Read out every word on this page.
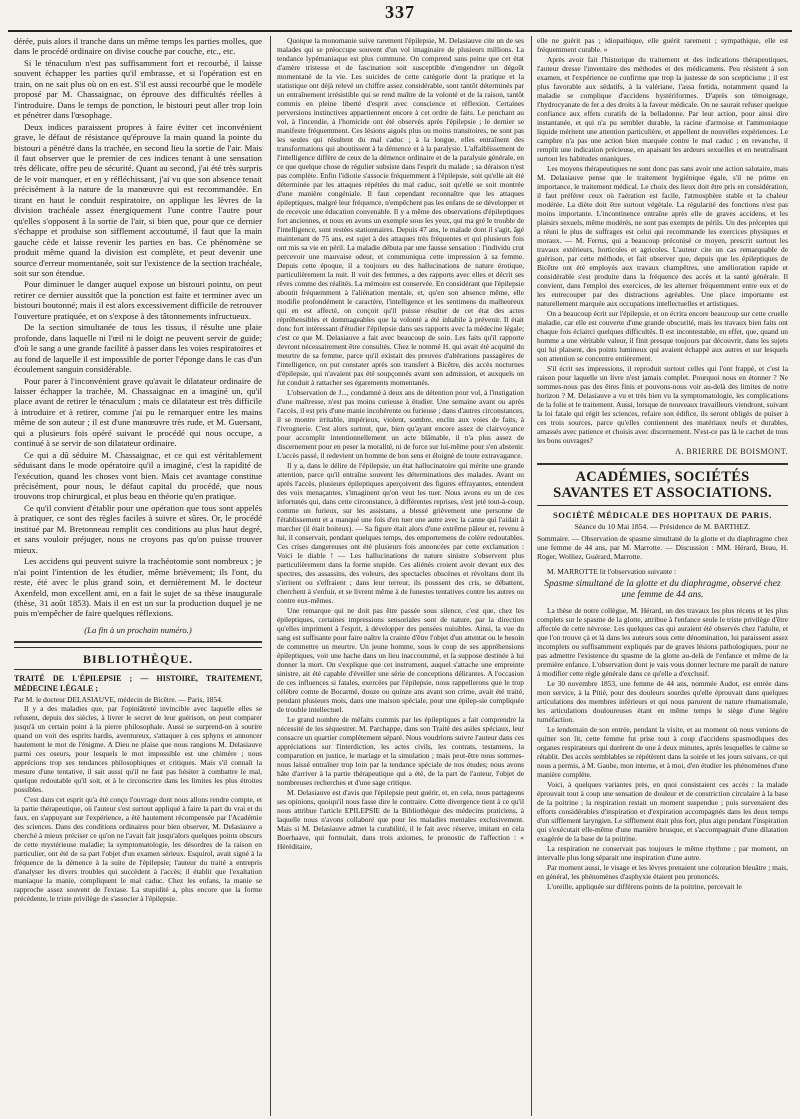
337

dérée, puis alors il tranche dans un même temps les parties molles, que dans le procédé ordinaire on divise couche par couche, etc., etc.

Si le ténaculum n'est pas suffisamment fort et recourbé, il laisse souvent échapper les parties qu'il embrasse, et si l'opération est en train, on ne sait plus où on en est. S'il est aussi recourbé que le modèle proposé par M. Chassaignac, on éprouve des difficultés réelles à l'introduire. Dans le temps de ponction, le bistouri peut aller trop loin et pénétrer dans l'œsophage.

Deux indices paraissent propres à faire éviter cet inconvénient grave, le défaut de résistance qu'éprouve la main quand la pointe du bistouri a pénétré dans la trachée, en second lieu la sortie de l'air. Mais il faut observer que le premier de ces indices tenant à une sensation très délicate, offre peu de sécurité. Quant au second, j'ai été très surpris de le voir manquer, et en y réfléchissant, j'ai vu que son absence tenait précisément à la nature de la manœuvre qui est recommandée. En tirant en haut le conduit respiratoire, on applique les lèvres de la division trachéale assez énergiquement l'une contre l'autre pour qu'elles s'opposent à la sortie de l'air, si bien que, pour que ce dernier s'échappe et produise son sifflement accoutumé, il faut que la main gauche cède et laisse revenir les parties en bas. Ce phénomène se produit même quand la division est complète, et peut devenir une source d'erreur momentanée, soit sur l'existence de la section trachéale, soit sur son étendue.

Pour diminuer le danger auquel expose un bistouri pointu, on peut retirer ce dernier aussitôt que la ponction est faite et terminer avec un bistouri boutonné; mais il est alors excessivement difficile de retrouver l'ouverture pratiquée, et on s'expose à des tâtonnements infructueux.

De la section simultanée de tous les tissus, il résulte une plaie profonde, dans laquelle ni l'œil ni le doigt ne peuvent servir de guide; d'où le sang a une grande facilité à passer dans les voies respiratoires et au fond de laquelle il est impossible de porter l'éponge dans le cas d'un écoulement sanguin considérable.

Pour parer à l'inconvénient grave qu'avait le dilatateur ordinaire de laisser échapper la trachée, M. Chassaignac en a imaginé un, qu'il place avant de retirer le ténaculum ; mais ce dilatateur est très difficile à introduire et à retirer, comme j'ai pu le remarquer entre les mains même de son auteur ; il est d'une manœuvre très rude, et M. Guersant, qui a plusieurs fois opéré suivant le procédé qui nous occupe, a continué à se servir de son dilatateur ordinaire.

Ce qui a dû séduire M. Chassaignac, et ce qui est véritablement séduisant dans le mode opératoire qu'il a imaginé, c'est la rapidité de l'exécution, quand les choses vont bien. Mais cet avantage constitue précisément, pour nous, le défaut capital du procédé, que nous trouvons trop chirurgical, et plus beau en théorie qu'en pratique.

Ce qu'il convient d'établir pour une opération que tous sont appelés à pratiquer, ce sont des règles faciles à suivre et sûres. Or, le procédé institué par M. Bretonneau remplit ces conditions au plus haut degré, et sans vouloir préjuger, nous ne croyons pas qu'on puisse trouver mieux.

Les accidens qui peuvent suivre la trachéotomie sont nombreux ; je n'ai point l'intention de les étudier, même brièvement; ils l'ont, du reste, été avec le plus grand soin, et dernièrement M. le docteur Axenfeld, mon excellent ami, en a fait le sujet de sa thèse inaugurale (thèse, 31 août 1853). Mais il en est un sur la production duquel je ne puis m'empêcher de faire quelques réflexions.

(La fin à un prochain numéro.)

BIBLIOTHÈQUE.

TRAITÉ DE L'ÉPILEPSIE ; — HISTOIRE, TRAITEMENT, MÉDECINE LÉGALE ;

Par M. le docteur DELASIAUVE, médecin de Bicêtre. — Paris, 1854.

Il y a des maladies que, par l'opiniâtreté invincible avec laquelle elles se refusent, depuis des siècles, à livrer le secret de leur guérison, on peut comparer jusqu'à un certain point à la pierre philosophale. Aussi se surprend-on à sourire quand on voit des esprits hardis, aventureux, s'attaquer à ces sphynx et annoncer hautement le mot de l'énigme. A Dieu ne plaise que nous rangions M. Delasiauve parmi ces oseurs, pour lesquels le mot impossible est une chimère ; nous apprécions trop ses tendances philosophiques et critiques. Mais s'il connaît la mesure d'une tentative, il sait aussi qu'il ne faut pas hésiter à combattre le mal, quelque redoutable qu'il soit, et à le circonscrire dans les limites les plus étroites possibles.

C'est dans cet esprit qu'a été conçu l'ouvrage dont nous allons rendre compte, et la partie thérapeutique, où l'auteur s'est surtout appliqué à faire la part du vrai et du faux, en s'appuyant sur l'expérience, a été hautement récompensée par l'Académie des sciences. Dans des conditions ordinaires pour bien observer, M. Delasiauve a cherché à mieux préciser ce qu'on ne l'avait fait jusqu'alors quelques points obscurs de cette mystérieuse maladie; la symptomatologie, les désordres de la raison en particulier, ont été de sa part l'objet d'un examen sérieux. Esquirol, avait signé à la fréquence de la démence à la suite de l'épilepsie; l'auteur du traité a entrepris d'analyser les divers troubles qui succèdent à l'accès; il établit que l'exaltation maniaque la manie, compliquent le mal caduc. Chez les enfans, la manie se rapproche assez souvent de l'extase. La stupidité a, plus encore que la forme précédente, le triste privilège de s'associer à l'épilepsie.

Quoique la monomanie suive rarement l'épilepsie, M. Delasiauve cite un de ses malades qui se préoccupe souvent d'un vol imaginaire de plusieurs millions. La tendance lypémaniaque est plus commune. On comprend sans peine que cet état d'amère tristesse et de fascination soit susceptible d'engendrer un dégoût momentané de la vie. Les suicides de cette catégorie dont la pratique et la statistique ont déjà relevé un chiffre assez considérable, sont tantôt déterminés par un entraînement irrésistible qui se rend maître de la volonté et de la raison, tantôt commis en pleine liberté d'esprit avec conscience et réflexion. Certaines perversions instinctives appartiennent encore à cet ordre de faits. Le penchant au vol, à l'incendie, à l'homicide ont été observés après l'épilepsie ; le dernier se manifeste fréquemment. Ces lésions aiguës plus ou moins transitoires, ne sont pas les seules qui résultent du mal caduc ; à la longue, elles entraînent des transformations qui aboutissent à la démence et à la paralysie. L'affaiblissement de l'intelligence diffère de ceux de la démence ordinaire et de la paralysie générale, en ce que quelque chose de régulier subsiste dans l'esprit du malade ; sa déraison n'est pas complète. Enfin l'idiotie s'associe fréquemment à l'épilepsie, soit qu'elle ait été déterminée par les attaques répétées du mal caduc, soit qu'elle se soit montrée d'une manière congéniale. Il faut cependant reconnaître que les attaques épileptiques, malgré leur fréquence, n'empêchent pas les enfans de se développer et de recevoir une éducation convenable. Il y a même des observations d'épileptiques fort anciennes, et nous en avons un exemple sous les yeux, qui ma gré le trouble de l'intelligence, sont restées stationnaires. Depuis 47 ans, le malade dont il s'agit, âgé maintenant de 75 ans, est sujet à des attaques très fréquentes et qui plusieurs fois ont mis sa vie en péril. La maladie débuta par une fausse sensation : l'individu crut percevoir une mauvaise odeur, et communiqua cette impression à sa femme. Depuis cette époque, il a toujours eu des hallucinations de nature érotique, particulièrement la nuit. Il voit des femmes, a des rapports avec elles et décrit ses rêves comme des réalités. La mémoire est conservée. En considérant que l'épilepsie aboutit fréquemment à l'aliénation mentale, et, qu'en son absence même, elle modifie profondément le caractère, l'intelligence et les sentimens du malheureux qui en est affecté, on conçoit qu'il puisse résulter de cet état des actes répréhensibles et dommageables que la volonté a été inhabile à prévenir. Il était donc fort intéressant d'étudier l'épilepsie dans ses rapports avec la médecine légale; c'est ce que M. Delasiauve a fait avec beaucoup de soin. Les faits qu'il rapporte devront nécessairement être consultés. Chez le nommé H. qui avait été acquitté du meurtre de sa femme, parce qu'il existait des preuves d'altérations passagères de l'intelligence, on put constater après son transfert à Bicêtre, des accès nocturnes d'épilepsie, qui n'avaient pas été soupçonnés avant son admission, et auxquels on fut conduit à rattacher ses égarements momentanés.

L'observation de J..., condamné à deux ans de détention pour vol, à l'instigation d'une maîtresse, n'est pas moins curieuse à étudier. Une semaine avant ou après l'accès, il est pris d'une manie incohérente ou furieuse ; dans d'autres circonstances, il se montre irritable, impérieux, violent, sombre, enclin aux voies de faits, à l'ivrognerie. C'est alors surtout, que, bien qu'ayant encore assez de clairvoyance pour accomplir intentionnellement un acte blâmable, il n'a plus assez de discernement pour en peser la moralité, ni de force sur lui-même pour s'en abstenir. L'accès passé, il redevient un homme de bon sens et éloigné de toute extravagance.

Il y a, dans le délire de l'épilepsie, un état hallucinatoire qui mérite une grande attention, parce qu'il entraîne souvent les déterminations des malades. Avant ou après l'accès, plusieurs épileptiques aperçoivent des figures effrayantes, entendent des voix menaçantes, s'imaginent qu'on veut les tuer. Nous avons eu un de ces infortunés qui, dans cette circonstance, à différentes reprises, s'est jeté tout-à-coup, comme un furieux, sur les assistans, a blessé grièvement une personne de l'établissement et a manqué une fois d'en tuer une autre avec la canne qui l'aidait à marcher (il était boiteux). — Sa figure était alors d'une extrême pâleur et, revenu à lui, il conservait, pendant quelques temps, des emportemens de colère redoutables. Ces crises dangereuses ont été plusieurs fois annoncées par cette exclamation : Voici le diable ! — Les hallucinations de nature sinistre s'observent plus particulièrement dans la forme stupide. Ces aliénés croient avoir devant eux des spectres, des assassins, des voleurs, des spectacles obscènes et révoltans dont ils s'irritent ou s'effraient ; dans leur terreur, ils poussent des cris, se débattent, cherchent à s'enfuir, et se livrent même à de funestes tentatives contre les autres ou contre eux-mêmes.

Une remarque qui ne doit pas être passée sous silence, c'est que, chez les épileptiques, certaines impressions sensoriales sont de nature, par la direction qu'elles impriment à l'esprit, à développer des pensées nuisibles. Ainsi, la vue du sang est suffisante pour faire naître la crainte d'être l'objet d'un attentat ou le besoin de commettre un meurtre. Un jeune homme, sous le coup de ses appréhensions épileptiques, voit une hache dans un lieu inaccoutumé, et la suppose destinée à lui donner la mort. On s'explique que cet instrument, auquel s'attache une empreinte sinistre, ait été capable d'éveiller une série de conceptions délirantes. A l'occasion de ces influences si fatales, exercées par l'épilepsie, nous rappellerons que le trop célèbre comte de Bocarmé, douze ou quinze ans avant son crime, avait été traité, pendant plusieurs mois, dans une maison spéciale, pour une épilep-sie compliquée de trouble intellectuel.

Le grand nombre de méfaits commis par les épileptiques a fait comprendre la nécessité de les séquestrer. M. Parchappe, dans son Traité des asiles spéciaux, leur consacre un quartier complètement séparé. Nous voudrions suivre l'auteur dans ces appréciations sur l'interdiction, les actes civils, les contrats, testamens, la comparution en justice, le mariage et la simulation ; mais peut-être nous sommes-nous laissé entraîner trop loin par la tendance spéciale de nos études; nous avons hâte d'arriver à la partie thérapeutique qui a été, de la part de l'auteur, l'objet de nombreuses recherches et d'une sage critique.

M. Delasiauve est d'avis que l'épilepsie peut guérir, et, en cela, nous partageons ses opinions, quoiqu'il nous fasse dire le contraire. Cette divergence tient à ce qu'il nous attribue l'article EPILEPSIE de la Bibliothèque des médecins praticiens, à laquelle nous n'avons collaboré que pour les maladies mentales exclusivement. Mais si M. Delasiauve admet la curabilité, il le fait avec réserve, imitant en cela Boerhaave, qui formulait, dans trois axiomes, le pronostic de l'affection : « Héréditaire,

elle ne guérit pas ; idiopathique, elle guérit rarement ; sympathique, elle est fréquemment curable. »

Après avoir fait l'historique du traitement et des indications thérapeutiques, l'auteur dresse l'inventaire des méthodes et des médicamens. Peu résistent à son examen, et l'expérience ne confirme que trop la justesse de son scepticisme ; il est plus favorable aux sédatifs, à la valériane, l'assa fœtida, notamment quand la maladie se complique d'accidens hystériformes. D'après son témoignage, l'hydrocyanate de fer a des droits à la faveur médicale. On ne saurait refuser quelque confiance aux effets curatifs de la belladonne. Par leur action, pour ainsi dire instantanée, et qui n'a pu sembler durable, la racine d'armoise et l'ammoniaque liquide méritent une attention particulière, et appellent de nouvelles expériences. Le camphre n'a pas une action bien marquée contre le mal caduc ; en revanche, il remplit une indication précieuse, en apaisant les ardeurs sexuelles et en neutralisant surtout les habitudes onaniques.

Les moyens thérapeutiques ne sont donc pas sans avoir une action salutaire, mais M. Delasiauve pense que le traitement hygiénique égale, s'il ne prime en importance, le traitement médical. Le choix des lieux doit être pris en considération, il faut préférer ceux où l'aération est facile, l'atmosphère stable et la chaleur modérée. La diète doit être surtout végétale. La régularité des fonctions n'est pas moins importante. L'incontinence entraîne après elle de graves accidens, et les plaisirs sexuels, même modérés, ne sont pas exempts de périls. Un des préceptes qui a réuni le plus de suffrages est celui qui recommande les exercices physiques et moraux. — M. Ferrus, qui a beaucoup préconisé ce moyen, prescrit surtout les travaux extérieurs, horticoles et agricoles. L'auteur cite un cas remarquable de guérison, par cette méthode, et fait observer que, depuis que les épileptiques de Bicêtre ont été employés aux travaux champêtres, une amélioration rapide et considérable s'est produite dans la fréquence des accès et la santé générale. Il convient, dans l'emploi des exercices, de les alterner fréquemment entre eux et de les entrecouper par des distractions agréables. Une place importante est naturellement marquée aux occupations intellectuelles et artistiques.

On a beaucoup écrit sur l'épilepsie, et on écrira encore beaucoup sur cette cruelle maladie, car elle est couverte d'une grande obscurité, mais les travaux bien faits ont chaque fois éclairci quelques difficultés. Il est incontestable, en effet, que, quand un homme a une véritable valeur, il finit presque toujours par découvrir, dans les sujets qui lui plaisent, des points lumineux qui avaient échappé aux autres et sur lesquels son attention se concentre entièrement.

S'il écrit ses impressions, il reproduit surtout celles qui l'ont frappé, et c'est la raison pour laquelle un livre n'est jamais complet. Pourquoi nous en étonner ? Ne sommes-nous pas des êtres finis et pouvons-nous voir au-delà des limites de notre horizon ? M. Delasiauve a vu et très bien vu la symptomatologie, les complications de la folie et le traitement. Aussi, lorsque de nouveaux travailleurs viendront, suivant la loi fatale qui régit les sciences, refaire son édifice, ils seront obligés de puiser à ces trois sources, parce qu'elles contiennent des matériaux neufs et durables, amassés avec patience et choisis avec discernement. N'est-ce pas là le cachet de tous les bons ouvrages?

A. BRIERRE DE BOISMONT.

ACADÉMIES, SOCIÉTÉS SAVANTES ET ASSOCIATIONS.
SOCIÉTÉ MÉDICALE DES HOPITAUX DE PARIS.

Séance du 10 Mai 1854. — Présidence de M. BARTHEZ.

Sommaire. — Observation de spasme simultané de la glotte et du diaphragme chez une femme de 44 ans, par M. Marrotte. — Discussion : MM. Hérard, Beau, H. Roger, Wolliez, Guérard, Marrotte.

M. MARROTTE lit l'observation suivante :

Spasme simultané de la glotte et du diaphragme, observé chez une femme de 44 ans.

La thèse de notre collègue, M. Hérard, un des travaux les plus récens et les plus complets sur le spasme de la glotte, attribue à l'enfance seule le triste privilège d'être affectée de cette névrose. Les quelques cas qui auraient été observés chez l'adulte, et que l'on trouve çà et là dans les auteurs sous cette dénomination, lui paraissent assez incomplets ou suffisamment expliqués par de graves lésions pathologiques, pour ne pas admettre l'existence du spasme de la glotte au-delà de l'enfance et même de la première enfance. L'observation dont je vais vous donner lecture me paraît de nature à modifier cette règle générale dans ce qu'elle a d'exclusif.

Le 30 novembre 1853, une femme de 44 ans, nommée Audot, est entrée dans mon service, à la Pitié, pour des douleurs sourdes qu'elle éprouvait dans quelques articulations des membres inférieurs et qui nous parurent de nature rhumatismale, les articulations douloureuses étant en même temps le siège d'une légère tuméfaction.

Le lendemain de son entrée, pendant la visite, et au moment où nous venions de quitter son lit, cette femme fut prise tout à coup d'accidens spasmodiques des organes respirateurs qui durèrent de une à deux minutes, après lesquelles le calme se rétablit. Des accès semblables se répétèrent dans la soirée et les jours suivans, ce qui nous a permis, à M. Gaube, mon interne, et à moi, d'en étudier les phénomènes d'une manière complète.

Voici, à quelques variantes près, en quoi consistaient ces accès : la malade éprouvait tout à coup une sensation de douleur et de constriction circulaire à la base de la poitrine ; la respiration restait un moment suspendue ; puis survenaient des efforts considérables d'inspiration et d'expiration accompagnés dans les deux temps d'un sifflement laryngien. Le sifflement était plus fort, plus aigu pendant l'inspiration qui s'exécutait elle-même d'une manière brusque, et s'accompagnait d'une dilatation exagérée de la base de la poitrine.

La respiration ne conservait pas toujours le même rhythme ; par moment, un intervalle plus long séparait une inspiration d'une autre.

Par moment aussi, le visage et les lèvres prenaient une coloration bleuâtre ; mais, en général, les phénomènes d'asphyxie étaient peu prononcés.

L'oreille, appliquée sur différens points de la poitrine, percevait le
